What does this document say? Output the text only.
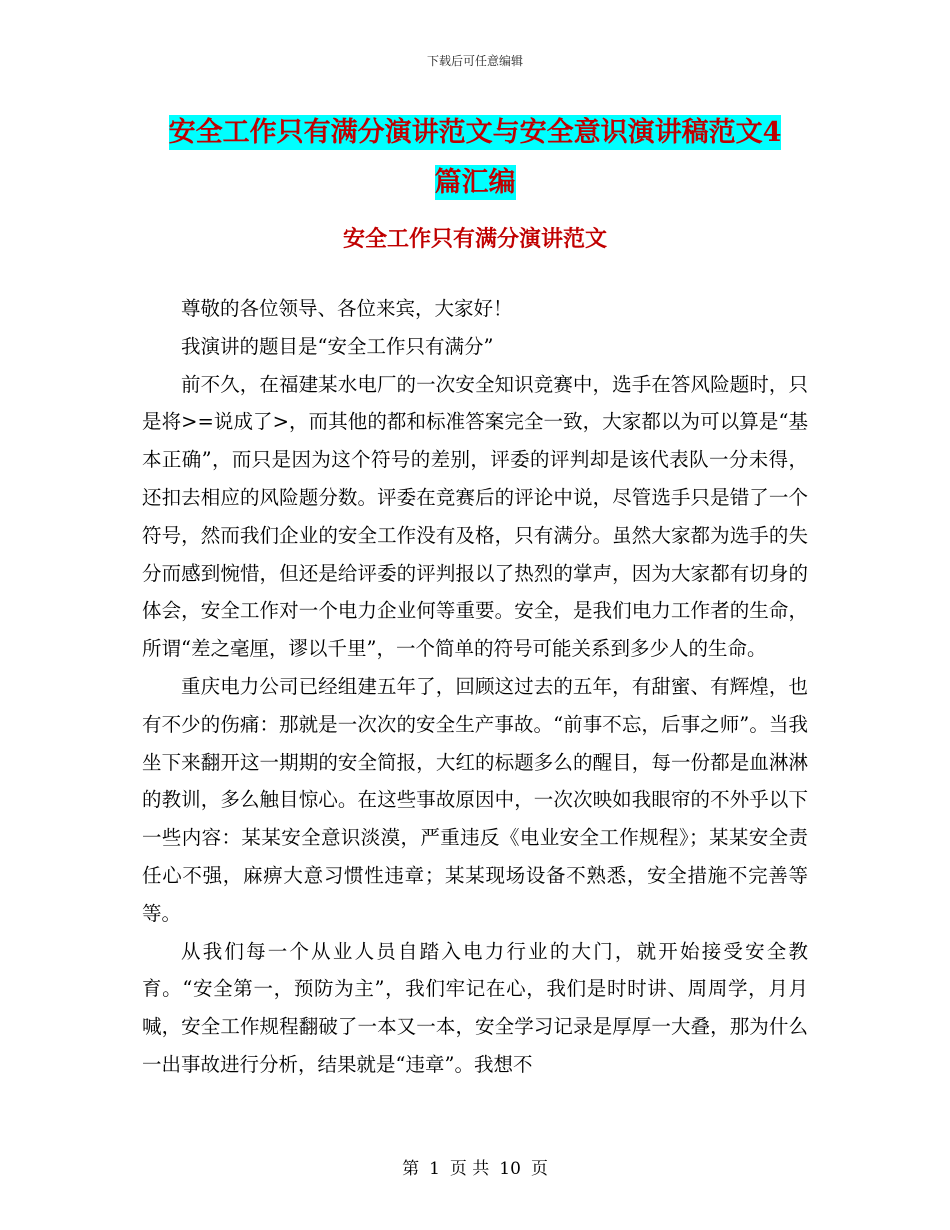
下载后可任意编辑
安全工作只有满分演讲范文与安全意识演讲稿范文4
篇汇编
安全工作只有满分演讲范文

尊敬的各位领导、各位来宾，大家好！

我演讲的题目是“安全工作只有满分”

前不久，在福建某水电厂的一次安全知识竞赛中，选手在答风险题时，只是将>=说成了>，而其他的都和标准答案完全一致，大家都以为可以算是“基本正确”，而只是因为这个符号的差别，评委的评判却是该代表队一分未得，还扣去相应的风险题分数。评委在竞赛后的评论中说，尽管选手只是错了一个符号，然而我们企业的安全工作没有及格，只有满分。虽然大家都为选手的失分而感到惋惜，但还是给评委的评判报以了热烈的掌声，因为大家都有切身的体会，安全工作对一个电力企业何等重要。安全，是我们电力工作者的生命，所谓“差之毫厘，谬以千里”，一个简单的符号可能关系到多少人的生命。

重庆电力公司已经组建五年了，回顾这过去的五年，有甜蜜、有辉煌，也有不少的伤痛：那就是一次次的安全生产事故。“前事不忘，后事之师”。当我坐下来翻开这一期期的安全简报，大红的标题多么的醒目，每一份都是血淋淋的教训，多么触目惊心。在这些事故原因中，一次次映如我眼帘的不外乎以下一些内容：某某安全意识淡漠，严重违反《电业安全工作规程》；某某安全责任心不强，麻痹大意习惯性违章；某某现场设备不熟悉，安全措施不完善等等。

从我们每一个从业人员自踏入电力行业的大门，就开始接受安全教育。“安全第一，预防为主”，我们牢记在心，我们是时时讲、周周学，月月喊，安全工作规程翻破了一本又一本，安全学习记录是厚厚一大叠，那为什么一出事故进行分析，结果就是“违章”。我想不

第 1 页 共 10 页
